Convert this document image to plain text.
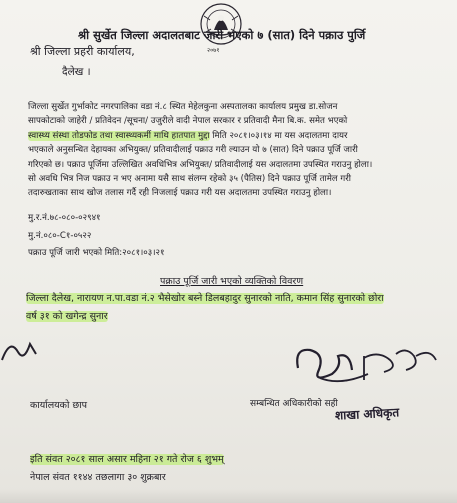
२०७१
श्री सुर्खेत जिल्ला अदालतबाट जारी भएको ७ (सात) दिने पक्राउ पुर्जि
श्री जिल्ला प्रहरी कार्यालय,
दैलेख ।

जिल्ला सुर्खेत गुर्भाकोट नगरपालिका वडा नं.८ स्थित मेहेलकुना अस्पतालका कार्यालय प्रमुख डा.सोजन

सापकोटाको जाहेरी / प्रतिवेदन /सूचना/ उजुरीले वादी नेपाल सरकार र प्रतिवादी मैना बि.क. समेत भएको

स्वास्थ्य संस्था तोडफोड तथा स्वास्थ्यकर्मी माथि हातपात मुद्दा मिति २०८१।०३।१४ मा यस अदालतमा दायर

भएकाले अनुसन्धित देहायका अभियुक्त/ प्रतिवादीलाई पक्राउ गरी ल्याउन यो ७ (सात) दिने पक्राउ पूर्जि जारी

गरिएको छ। पक्राउ पूर्जिमा उल्लिखित अवधिभित्र अभियुक्त/ प्रतिवादीलाई यस अदालतमा उपस्थित गराउनु होला।

सो अवधि भित्र निज पक्राउ न भए अनामा यसै साथ संलग्न रहेको ३५ (पैतिस) दिने पक्राउ पूर्जि तामेल गरी

तदारुखताका साथ खोज तलास गर्दै रही निजलाई पक्राउ गरी यस अदालतमा उपस्थित गराउनु होला।

मु.र.नं.७८-०८०-०२९४१
मु.नं.०८०-C१-०५२२
पक्राउ पूर्जि जारी भएको मिति:२०८१।०३।२१
पक्राउ पूर्जि जारी भएको व्यक्तिको विवरण
जिल्ला दैलेख, नारायण न.पा.वडा नं.२ भैसेखोर बस्ने डिलबहादुर सुनारको नाति, कमान सिंह सुनारको छोरा
वर्ष ३१ को खगेन्द्र सुनार
कार्यालयको छाप	सम्बन्धित अधिकारीको सही
शाखा अधिकृत
इति संवत २०८१ साल असार महिना २१ गते रोज ६ शुभम्
नेपाल संवत ११४४ तछलागा ३० शुक्रबार
